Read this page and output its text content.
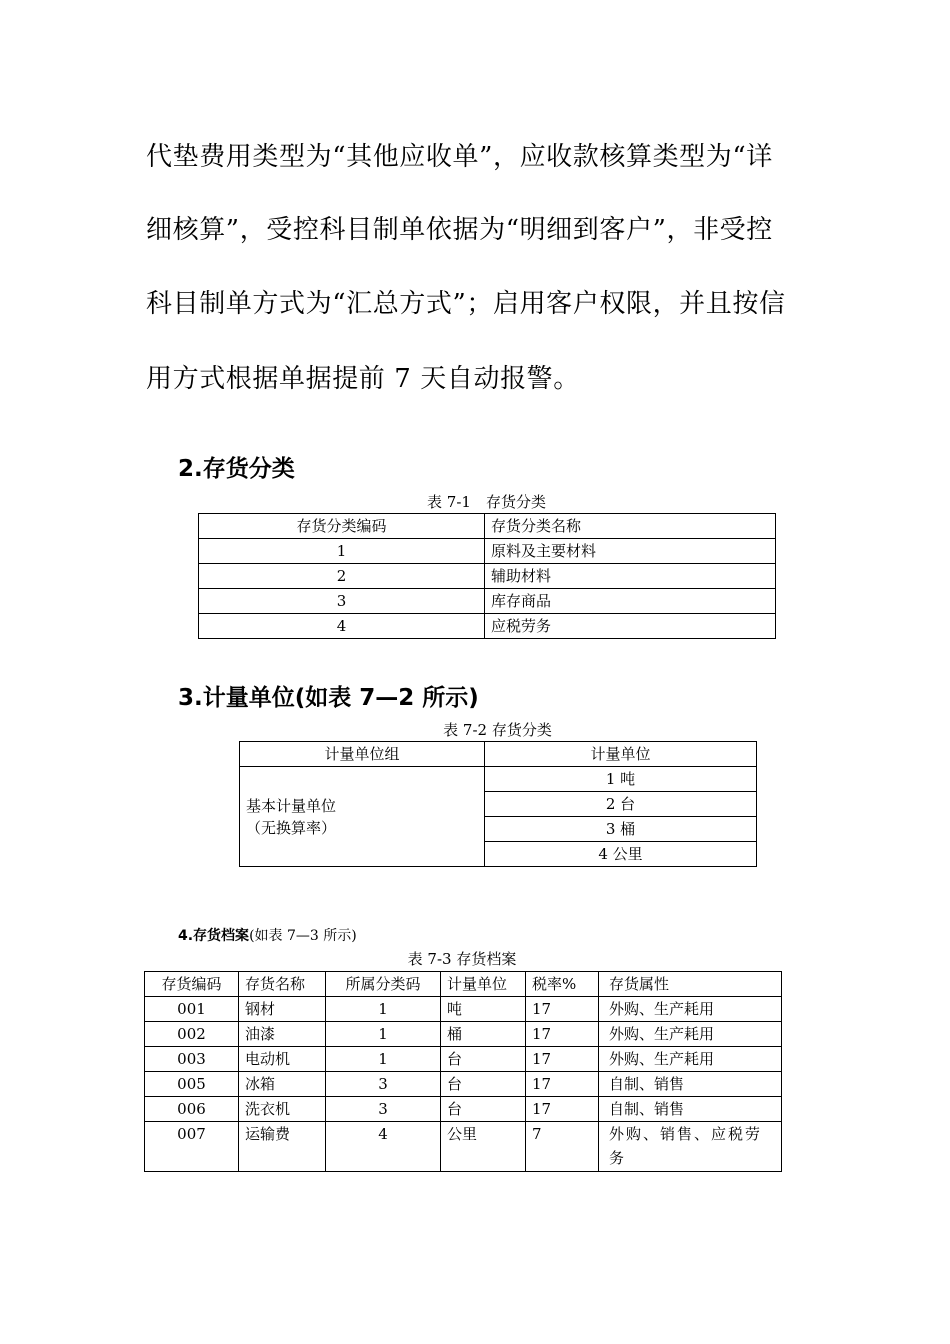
代垫费用类型为“其他应收单”，应收款核算类型为“详
细核算”，受控科目制单依据为“明细到客户”，非受控
科目制单方式为“汇总方式”；启用客户权限，并且按信
用方式根据单据提前 7 天自动报警。
2.存货分类
表 7-1　存货分类
存货分类编码	存货分类名称
1	原料及主要材料
2	辅助材料
3	库存商品
4	应税劳务
3.计量单位(如表 7—2 所示)
表 7-2 存货分类
计量单位组	计量单位

基本计量单位
（无换算率）	1 吨
	2 台
	3 桶
	4 公里
4.存货档案(如表 7—3 所示)
表 7-3 存货档案
存货编码	存货名称	所属分类码	计量单位	税率%	存货属性
001	钢材	1	吨	17	外购、生产耗用
002	油漆	1	桶	17	外购、生产耗用
003	电动机	1	台	17	外购、生产耗用
005	冰箱	3	台	17	自制、销售
006	洗衣机	3	台	17	自制、销售
007	运输费	4	公里	7	外购、销售、应税劳
务
